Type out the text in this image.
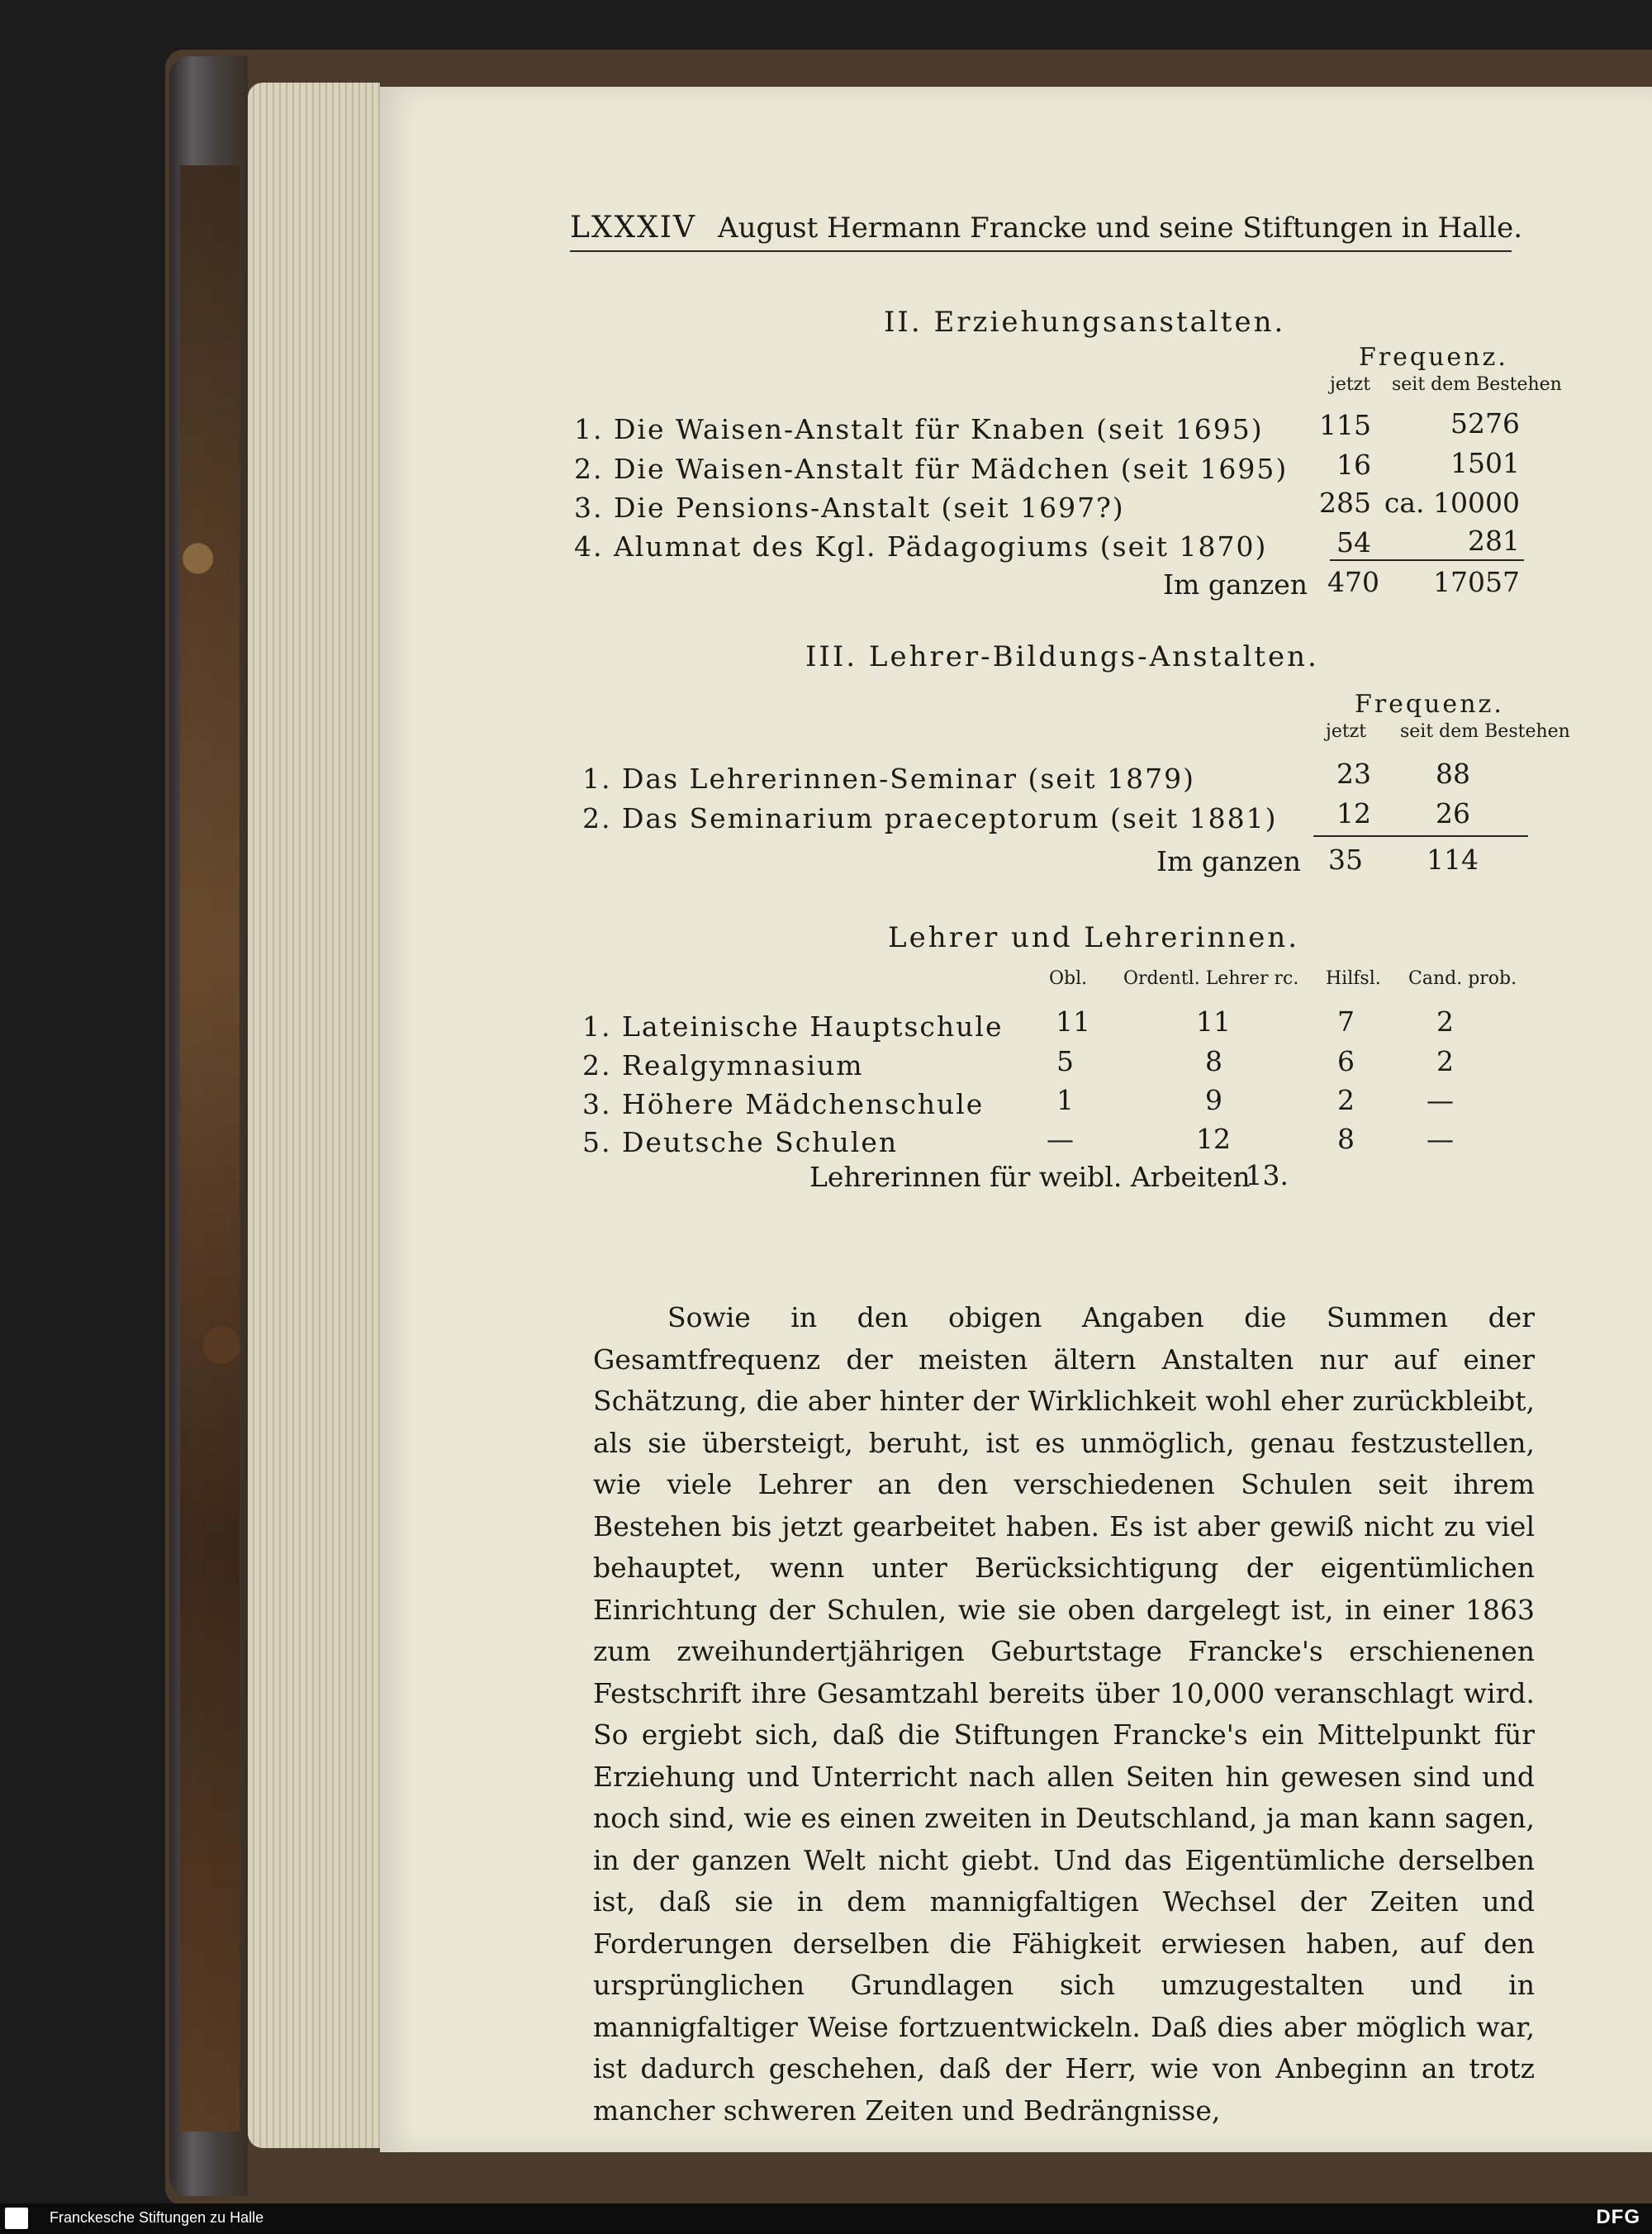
LXXXIV August Hermann Francke und seine Stiftungen in Halle.
II. Erziehungsanstalten.
Frequenz.
jetzt seit dem Bestehen
1. Die Waisen-Anstalt für Knaben (seit 1695)	115	5276
2. Die Waisen-Anstalt für Mädchen (seit 1695)	16	1501
3. Die Pensions-Anstalt (seit 1697?)	285 ca. 10000
4. Alumnat des Kgl. Pädagogiums (seit 1870)	54	281
Im ganzen 470	17057
III. Lehrer-Bildungs-Anstalten.
Frequenz.
jetzt seit dem Bestehen
1. Das Lehrerinnen-Seminar (seit 1879)	23	88
2. Das Seminarium praeceptorum (seit 1881)	12	26
Im ganzen 35	114
Lehrer und Lehrerinnen.
Obl. Ordentl. Lehrer rc. Hilfsl. Cand. prob.
1. Lateinische Hauptschule	11	11	7	2
2. Realgymnasium	5	8	6	2
3. Höhere Mädchenschule	1	9	2	—
5. Deutsche Schulen	—	12	8	—
Lehrerinnen für weibl. Arbeiten
13.

Sowie in den obigen Angaben die Summen der Gesamtfrequenz der meisten ältern Anstalten nur auf einer Schätzung, die aber hinter der Wirklichkeit wohl eher zurückbleibt, als sie übersteigt, beruht, ist es unmöglich, genau festzustellen, wie viele Lehrer an den verschiedenen Schulen seit ihrem Bestehen bis jetzt gearbeitet haben. Es ist aber gewiß nicht zu viel behauptet, wenn unter Berücksichtigung der eigentümlichen Einrichtung der Schulen, wie sie oben dargelegt ist, in einer 1863 zum zweihundertjährigen Geburtstage Francke's erschienenen Festschrift ihre Gesamtzahl bereits über 10,000 veranschlagt wird. So ergiebt sich, daß die Stiftungen Francke's ein Mittelpunkt für Erziehung und Unterricht nach allen Seiten hin gewesen sind und noch sind, wie es einen zweiten in Deutschland, ja man kann sagen, in der ganzen Welt nicht giebt. Und das Eigentümliche derselben ist, daß sie in dem mannigfaltigen Wechsel der Zeiten und Forderungen derselben die Fähigkeit erwiesen haben, auf den ursprünglichen Grundlagen sich umzugestalten und in mannigfaltiger Weise fortzuentwickeln. Daß dies aber möglich war, ist dadurch geschehen, daß der Herr, wie von Anbeginn an trotz mancher schweren Zeiten und Bedrängnisse,

Franckesche Stiftungen zu Halle	DFG
